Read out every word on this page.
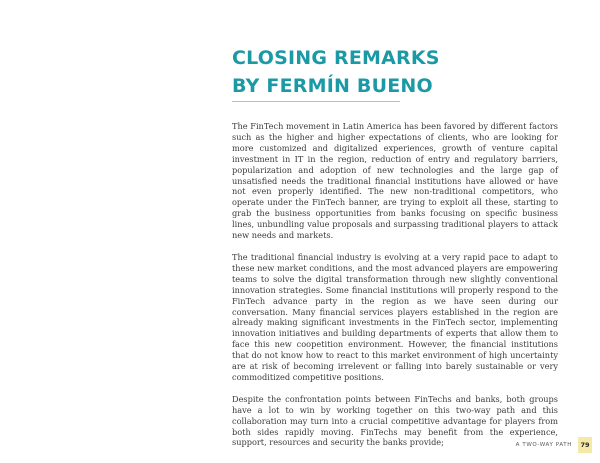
CLOSING REMARKS
BY FERMÍN BUENO

The FinTech movement in Latin America has been favored by different factors such as the higher and higher expectations of clients, who are looking for more customized and digitalized experiences, growth of venture capital investment in IT in the region, reduction of entry and regulatory barriers, popularization and adoption of new technologies and the large gap of unsatisfied needs the traditional financial institutions have allowed or have not even properly identified. The new non-traditional competitors, who operate under the FinTech banner, are trying to exploit all these, starting to grab the business opportunities from banks focusing on specific business lines, unbundling value proposals and surpassing traditional players to attack new needs and markets.

The traditional financial industry is evolving at a very rapid pace to adapt to these new market conditions, and the most advanced players are empowering teams to solve the digital transformation through new slightly conventional innovation strategies. Some financial institutions will properly respond to the FinTech advance party in the region as we have seen during our conversation. Many financial services players established in the region are already making significant investments in the FinTech sector, implementing innovation initiatives and building departments of experts that allow them to face this new coopetition environment. However, the financial institutions that do not know how to react to this market environment of high uncertainty are at risk of becoming irrelevent or falling into barely sustainable or very commoditized competitive positions.

Despite the confrontation points between FinTechs and banks, both groups have a lot to win by working together on this two-way path and this collaboration may turn into a crucial competitive advantage for players from both sides rapidly moving. FinTechs may benefit from the experience, support, resources and security the banks provide;	A TWO-WAY PATH	79
